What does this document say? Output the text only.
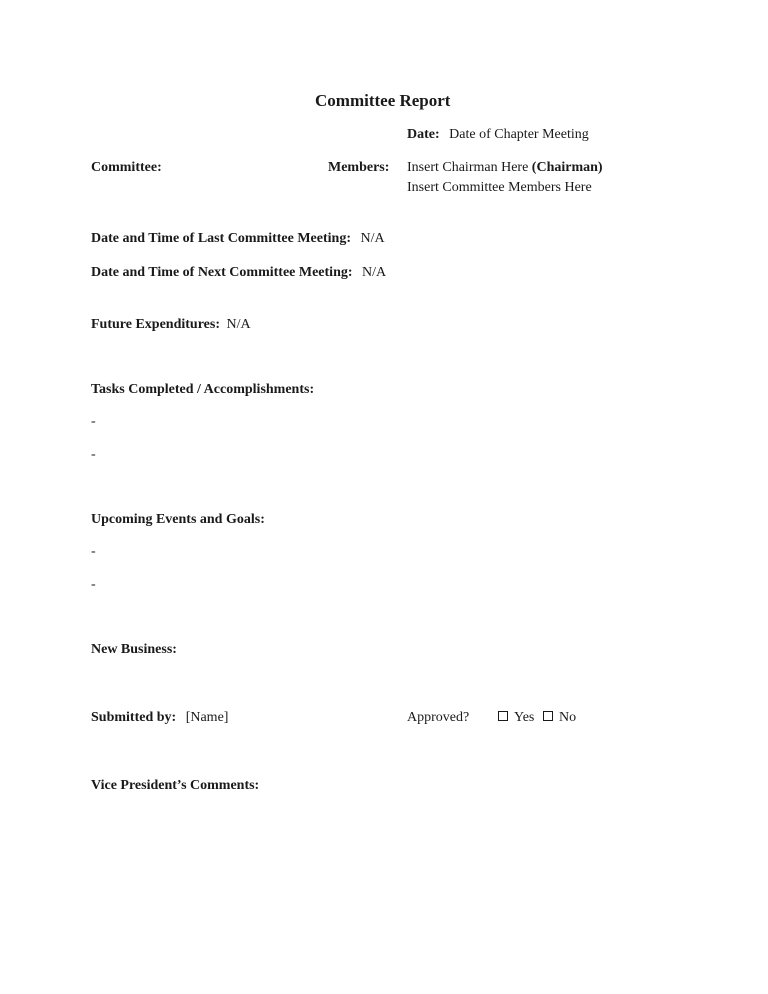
Committee Report
Date: Date of Chapter Meeting
Committee:	Members: Insert Chairman Here (Chairman)
Insert Committee Members Here
Date and Time of Last Committee Meeting: N/A
Date and Time of Next Committee Meeting: N/A
Future Expenditures: N/A
Tasks Completed / Accomplishments:
-
-
Upcoming Events and Goals:
-
-
New Business:
Submitted by: [Name]	Approved?	Yes	No
Vice President’s Comments:
